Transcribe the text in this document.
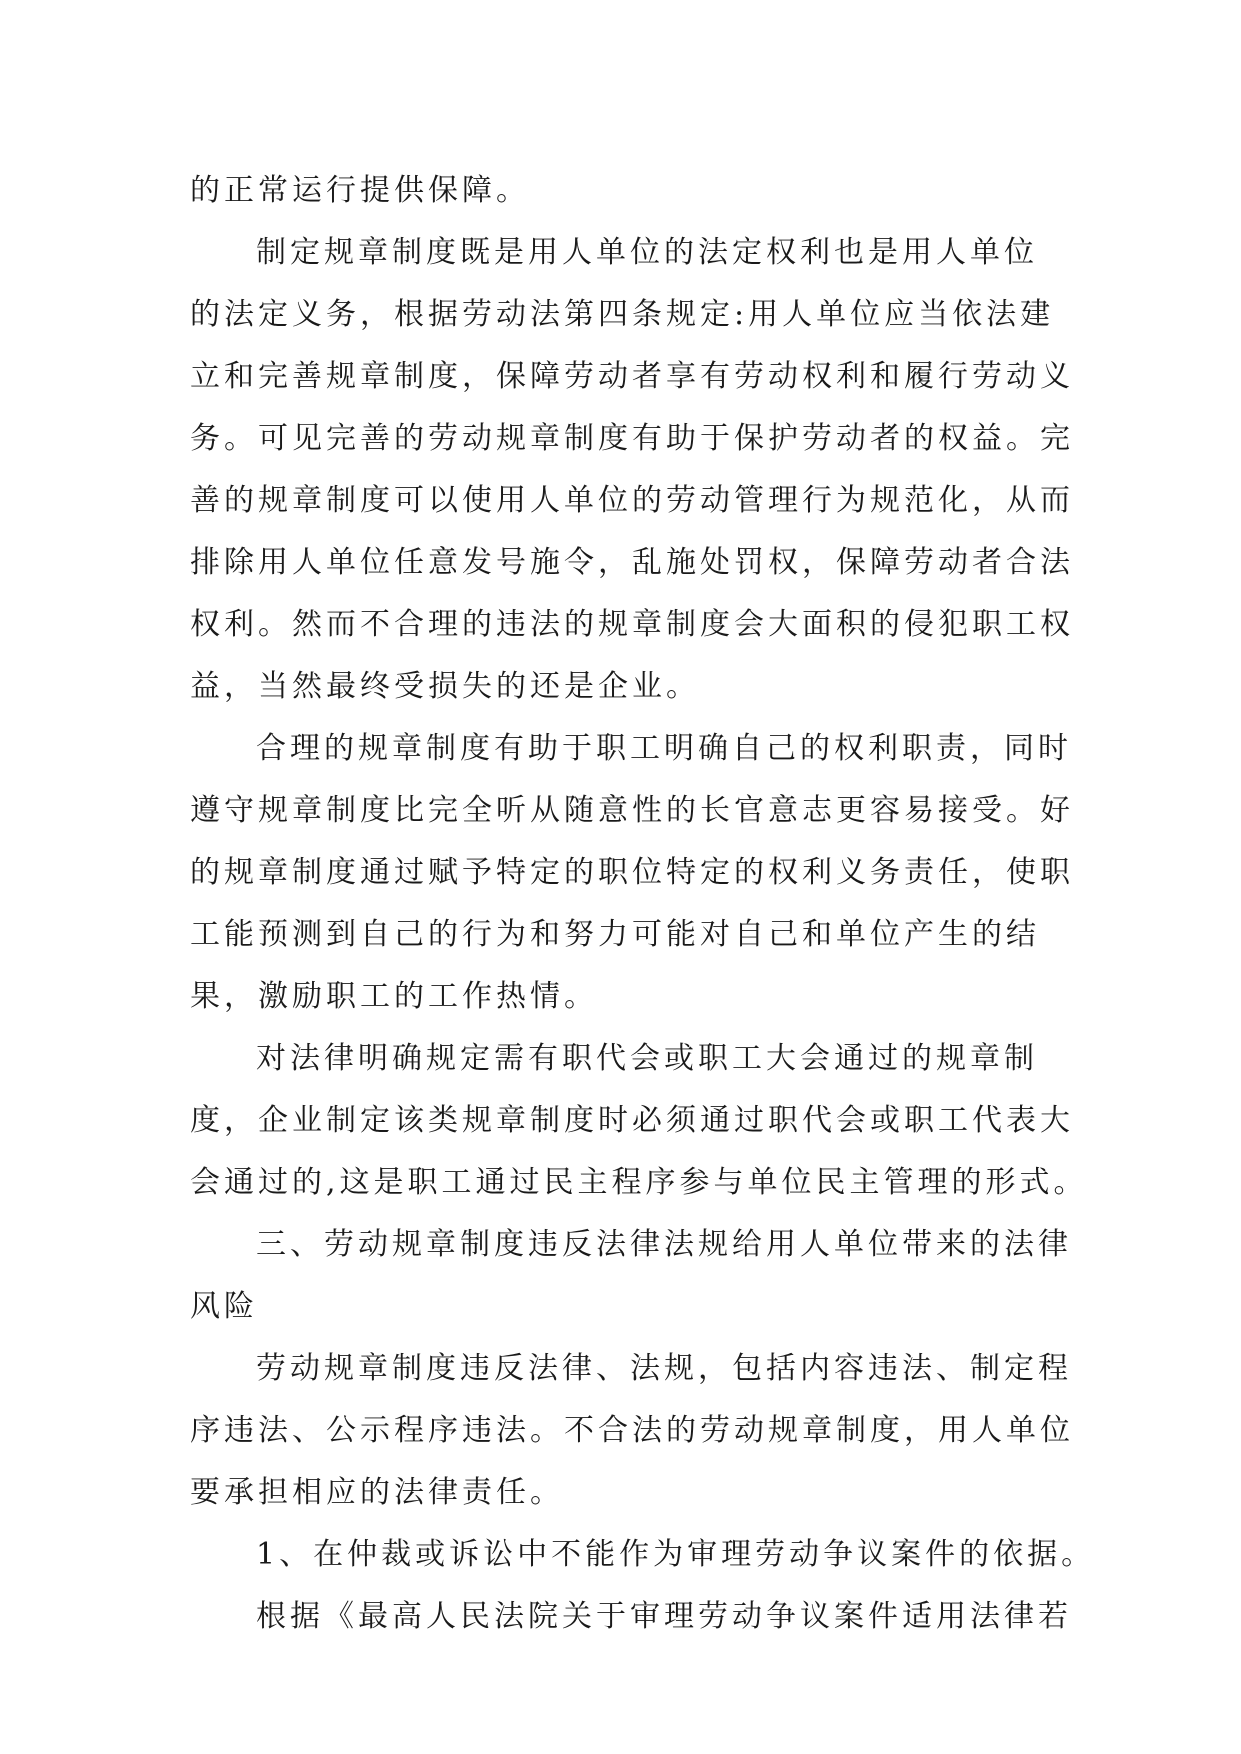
的正常运行提供保障。
制定规章制度既是用人单位的法定权利也是用人单位
的法定义务，根据劳动法第四条规定:用人单位应当依法建
立和完善规章制度，保障劳动者享有劳动权利和履行劳动义
务。可见完善的劳动规章制度有助于保护劳动者的权益。完
善的规章制度可以使用人单位的劳动管理行为规范化，从而
排除用人单位任意发号施令，乱施处罚权，保障劳动者合法
权利。然而不合理的违法的规章制度会大面积的侵犯职工权
益，当然最终受损失的还是企业。
合理的规章制度有助于职工明确自己的权利职责，同时
遵守规章制度比完全听从随意性的长官意志更容易接受。好
的规章制度通过赋予特定的职位特定的权利义务责任，使职
工能预测到自己的行为和努力可能对自己和单位产生的结
果，激励职工的工作热情。
对法律明确规定需有职代会或职工大会通过的规章制
度，企业制定该类规章制度时必须通过职代会或职工代表大
会通过的,这是职工通过民主程序参与单位民主管理的形式。
三、劳动规章制度违反法律法规给用人单位带来的法律
风险
劳动规章制度违反法律、法规，包括内容违法、制定程
序违法、公示程序违法。不合法的劳动规章制度，用人单位
要承担相应的法律责任。
1、在仲裁或诉讼中不能作为审理劳动争议案件的依据。
根据《最高人民法院关于审理劳动争议案件适用法律若
